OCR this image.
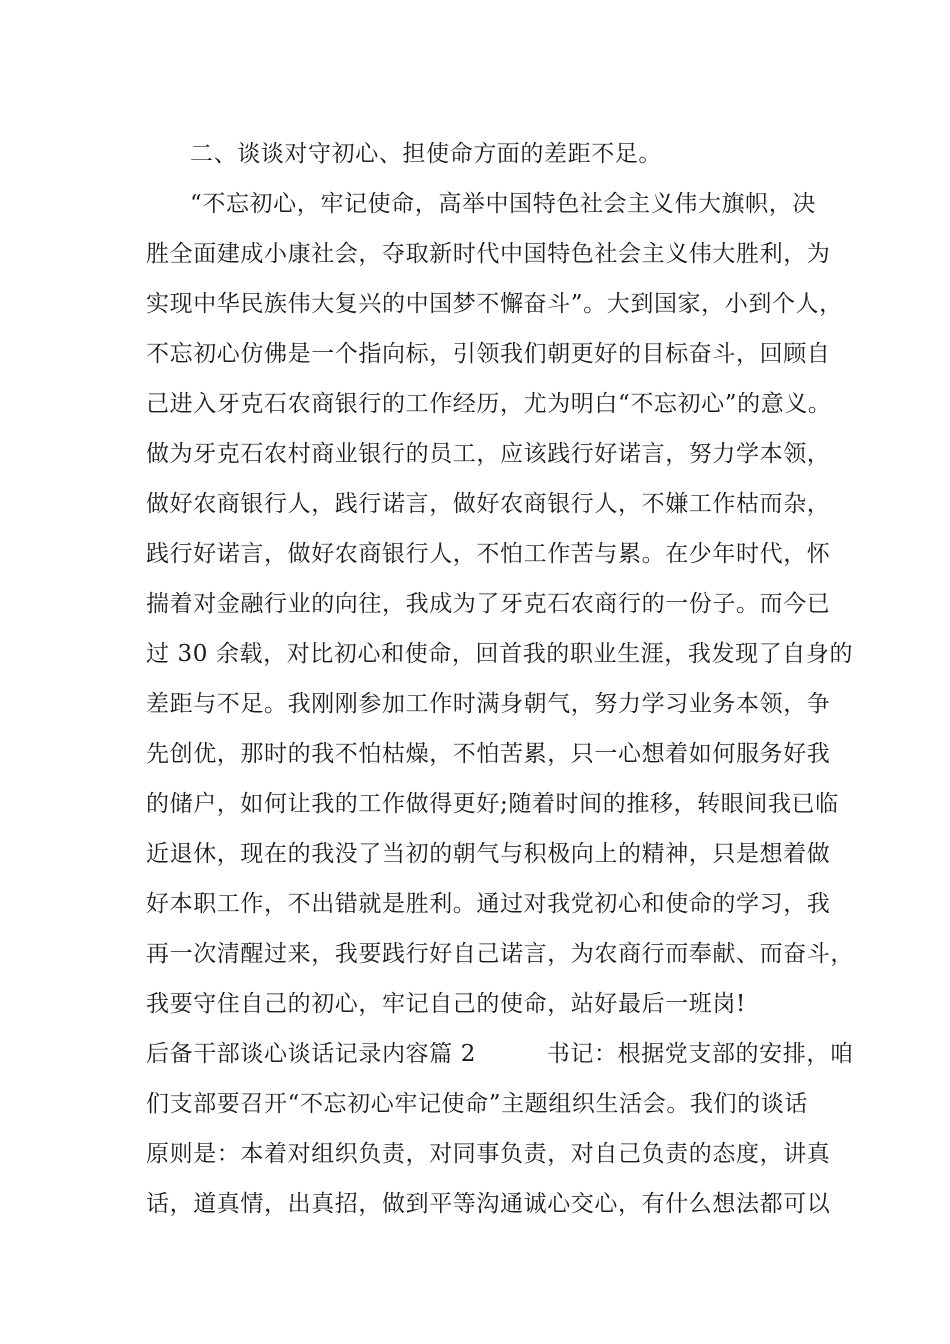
二、谈谈对守初心、担使命方面的差距不足。
“不忘初心，牢记使命，高举中国特色社会主义伟大旗帜，决
胜全面建成小康社会，夺取新时代中国特色社会主义伟大胜利，为
实现中华民族伟大复兴的中国梦不懈奋斗”。大到国家，小到个人，
不忘初心仿佛是一个指向标，引领我们朝更好的目标奋斗，回顾自
己进入牙克石农商银行的工作经历，尤为明白“不忘初心”的意义。
做为牙克石农村商业银行的员工，应该践行好诺言，努力学本领，
做好农商银行人，践行诺言，做好农商银行人，不嫌工作枯而杂，
践行好诺言，做好农商银行人，不怕工作苦与累。在少年时代，怀
揣着对金融行业的向往，我成为了牙克石农商行的一份子。而今已
过 30 余载，对比初心和使命，回首我的职业生涯，我发现了自身的
差距与不足。我刚刚参加工作时满身朝气，努力学习业务本领，争
先创优，那时的我不怕枯燥，不怕苦累，只一心想着如何服务好我
的储户，如何让我的工作做得更好;随着时间的推移，转眼间我已临
近退休，现在的我没了当初的朝气与积极向上的精神，只是想着做
好本职工作，不出错就是胜利。通过对我党初心和使命的学习，我
再一次清醒过来，我要践行好自己诺言，为农商行而奉献、而奋斗，
我要守住自己的初心，牢记自己的使命，站好最后一班岗!
后备干部谈心谈话记录内容篇 2　　　书记：根据党支部的安排，咱
们支部要召开“不忘初心牢记使命”主题组织生活会。我们的谈话
原则是：本着对组织负责，对同事负责，对自己负责的态度，讲真
话，道真情，出真招，做到平等沟通诚心交心，有什么想法都可以
